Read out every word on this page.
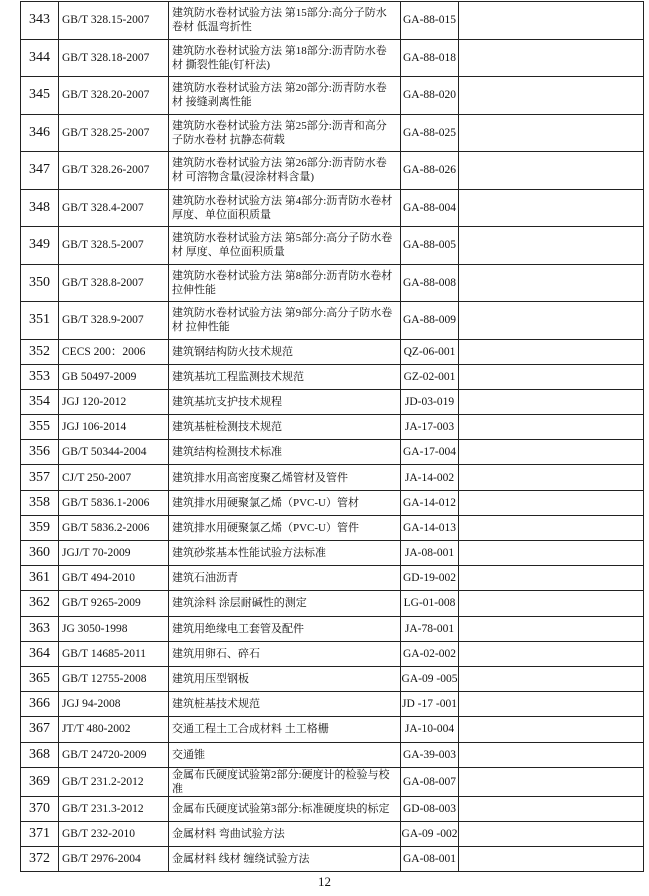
343	GB/T 328.15-2007	建筑防水卷材试验方法 第15部分:高分子防水卷材 低温弯折性	GA-88-015	
344	GB/T 328.18-2007	建筑防水卷材试验方法 第18部分:沥青防水卷材 撕裂性能(钉杆法)	GA-88-018	
345	GB/T 328.20-2007	建筑防水卷材试验方法 第20部分:沥青防水卷材 接缝剥离性能	GA-88-020	
346	GB/T 328.25-2007	建筑防水卷材试验方法 第25部分:沥青和高分子防水卷材 抗静态荷载	GA-88-025	
347	GB/T 328.26-2007	建筑防水卷材试验方法 第26部分:沥青防水卷材 可溶物含量(浸涂材料含量)	GA-88-026	
348	GB/T 328.4-2007	建筑防水卷材试验方法 第4部分:沥青防水卷材 厚度、单位面积质量	GA-88-004	
349	GB/T 328.5-2007	建筑防水卷材试验方法 第5部分:高分子防水卷材 厚度、单位面积质量	GA-88-005	
350	GB/T 328.8-2007	建筑防水卷材试验方法 第8部分:沥青防水卷材 拉伸性能	GA-88-008	
351	GB/T 328.9-2007	建筑防水卷材试验方法 第9部分:高分子防水卷材 拉伸性能	GA-88-009	
352	CECS 200：2006	建筑钢结构防火技术规范	QZ-06-001	
353	GB 50497-2009	建筑基坑工程监测技术规范	GZ-02-001	
354	JGJ 120-2012	建筑基坑支护技术规程	JD-03-019	
355	JGJ 106-2014	建筑基桩检测技术规范	JA-17-003	
356	GB/T 50344-2004	建筑结构检测技术标准	GA-17-004	
357	CJ/T 250-2007	建筑排水用高密度聚乙烯管材及管件	JA-14-002	
358	GB/T 5836.1-2006	建筑排水用硬聚氯乙烯（PVC-U）管材	GA-14-012	
359	GB/T 5836.2-2006	建筑排水用硬聚氯乙烯（PVC-U）管件	GA-14-013	
360	JGJ/T 70-2009	建筑砂浆基本性能试验方法标准	JA-08-001	
361	GB/T 494-2010	建筑石油沥青	GD-19-002	
362	GB/T 9265-2009	建筑涂料 涂层耐碱性的测定	LG-01-008	
363	JG 3050-1998	建筑用绝缘电工套管及配件	JA-78-001	
364	GB/T 14685-2011	建筑用卵石、碎石	GA-02-002	
365	GB/T 12755-2008	建筑用压型钢板	GA-09 -005	
366	JGJ 94-2008	建筑桩基技术规范	JD -17 -001	
367	JT/T 480-2002	交通工程土工合成材料 土工格栅	JA-10-004	
368	GB/T 24720-2009	交通锥	GA-39-003	
369	GB/T 231.2-2012	金属布氏硬度试验第2部分:硬度计的检验与校准	GA-08-007	
370	GB/T 231.3-2012	金属布氏硬度试验第3部分:标准硬度块的标定	GD-08-003	
371	GB/T 232-2010	金属材料 弯曲试验方法	GA-09 -002	
372	GB/T 2976-2004	金属材料 线材 缠绕试验方法	GA-08-001	
12
